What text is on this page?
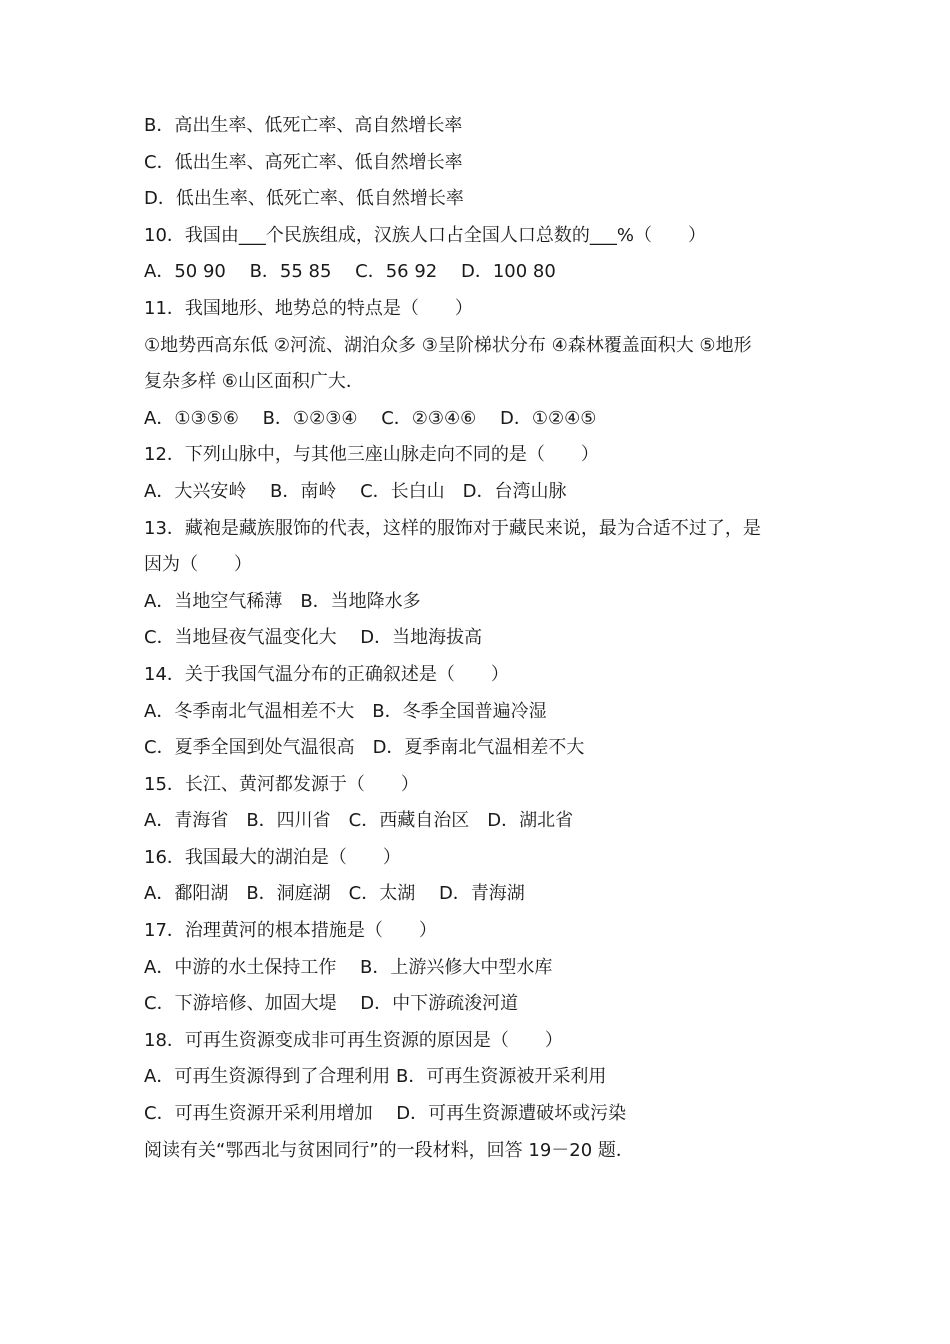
B．高出生率、低死亡率、高自然增长率
C．低出生率、高死亡率、低自然增长率
D．低出生率、低死亡率、低自然增长率
10．我国由___个民族组成，汉族人口占全国人口总数的___%（　　）
A．50 90　 B．55 85　 C．56 92　 D．100 80
11．我国地形、地势总的特点是（　　）
①地势西高东低 ②河流、湖泊众多 ③呈阶梯状分布 ④森林覆盖面积大 ⑤地形
复杂多样 ⑥山区面积广大．
A．①③⑤⑥　 B．①②③④　 C．②③④⑥　 D．①②④⑤
12．下列山脉中，与其他三座山脉走向不同的是（　　）
A．大兴安岭　 B．南岭　 C．长白山　D．台湾山脉
13．藏袍是藏族服饰的代表，这样的服饰对于藏民来说，最为合适不过了，是
因为（　　）
A．当地空气稀薄　B．当地降水多
C．当地昼夜气温变化大　 D．当地海拔高
14．关于我国气温分布的正确叙述是（　　）
A．冬季南北气温相差不大　B．冬季全国普遍冷湿
C．夏季全国到处气温很高　D．夏季南北气温相差不大
15．长江、黄河都发源于（　　）
A．青海省　B．四川省　C．西藏自治区　D．湖北省
16．我国最大的湖泊是（　　）
A．鄱阳湖　B．洞庭湖　C．太湖　 D．青海湖
17．治理黄河的根本措施是（　　）
A．中游的水土保持工作　 B．上游兴修大中型水库
C．下游培修、加固大堤　 D．中下游疏浚河道
18．可再生资源变成非可再生资源的原因是（　　）
A．可再生资源得到了合理利用 B．可再生资源被开采利用
C．可再生资源开采利用增加　 D．可再生资源遭破坏或污染
阅读有关“鄂西北与贫困同行”的一段材料，回答 19－20 题．
